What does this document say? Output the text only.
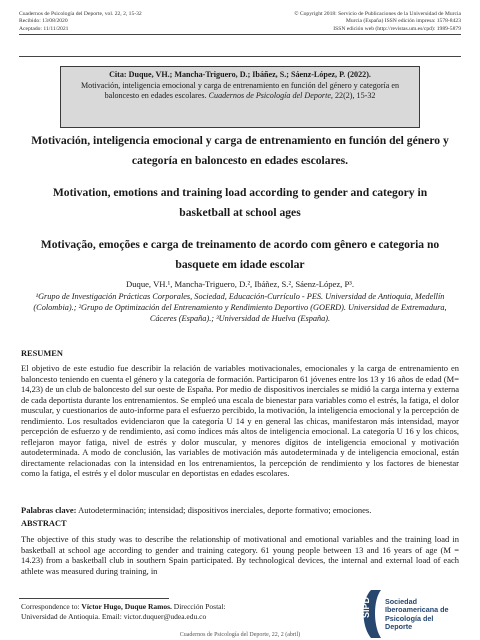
Cuadernos de Psicología del Deporte, vol. 22, 2, 15-32
Recibido: 13/08/2020
Aceptado: 11/11/2021
© Copyright 2018: Servicio de Publicaciones de la Universidad de Murcia
Murcia (España) ISSN edición impresa: 1578-8423
ISSN edición web (http://revistas.um.es/cpd): 1989-5879
Cita: Duque, VH.; Mancha-Triguero, D.; Ibáñez, S.; Sáenz-López, P. (2022).
Motivación, inteligencia emocional y carga de entrenamiento en función del género y categoría en baloncesto en edades escolares. Cuadernos de Psicología del Deporte, 22(2), 15-32
Motivación, inteligencia emocional y carga de entrenamiento en función del género y categoría en baloncesto en edades escolares.
Motivation, emotions and training load according to gender and category in basketball at school ages
Motivação, emoções e carga de treinamento de acordo com gênero e categoria no basquete em idade escolar
Duque, VH.¹, Mancha-Triguero, D.², Ibáñez, S.², Sáenz-López, P³.
¹Grupo de Investigación Prácticas Corporales, Sociedad, Educación-Currículo - PES. Universidad de Antioquia, Medellín (Colombia).; ²Grupo de Optimización del Entrenamiento y Rendimiento Deportivo (GOERD). Universidad de Extremadura, Cáceres (España).; ³Universidad de Huelva (España).
RESUMEN
El objetivo de este estudio fue describir la relación de variables motivacionales, emocionales y la carga de entrenamiento en baloncesto teniendo en cuenta el género y la categoría de formación. Participaron 61 jóvenes entre los 13 y 16 años de edad (M= 14,23) de un club de baloncesto del sur oeste de España. Por medio de dispositivos inerciales se midió la carga interna y externa de cada deportista durante los entrenamientos. Se empleó una escala de bienestar para variables como el estrés, la fatiga, el dolor muscular, y cuestionarios de auto-informe para el esfuerzo percibido, la motivación, la inteligencia emocional y la percepción de rendimiento. Los resultados evidenciaron que la categoría U 14 y en general las chicas, manifestaron más intensidad, mayor percepción de esfuerzo y de rendimiento, así como índices más altos de inteligencia emocional. La categoría U 16 y los chicos, reflejaron mayor fatiga, nivel de estrés y dolor muscular, y menores dígitos de inteligencia emocional y motivación autodeterminada. A modo de conclusión, las variables de motivación más autodeterminada y de inteligencia emocional, están directamente relacionadas con la intensidad en los entrenamientos, la percepción de rendimiento y los factores de bienestar como la fatiga, el estrés y el dolor muscular en deportistas en edades escolares.
Palabras clave: Autodeterminación; intensidad; dispositivos inerciales, deporte formativo; emociones.
ABSTRACT
The objective of this study was to describe the relationship of motivational and emotional variables and the training load in basketball at school age according to gender and training category. 61 young people between 13 and 16 years of age (M = 14.23) from a basketball club in southern Spain participated. By technological devices, the internal and external load of each athlete was measured during training, in
Correspondence to: Víctor Hugo, Duque Ramos. Dirección Postal:
Universidad de Antioquia. Email: victor.duquer@udea.edu.co	SIPD Sociedad
Iberoamericana de
Psicología del
Deporte
Cuadernos de Psicología del Deporte, 22, 2 (abril)
